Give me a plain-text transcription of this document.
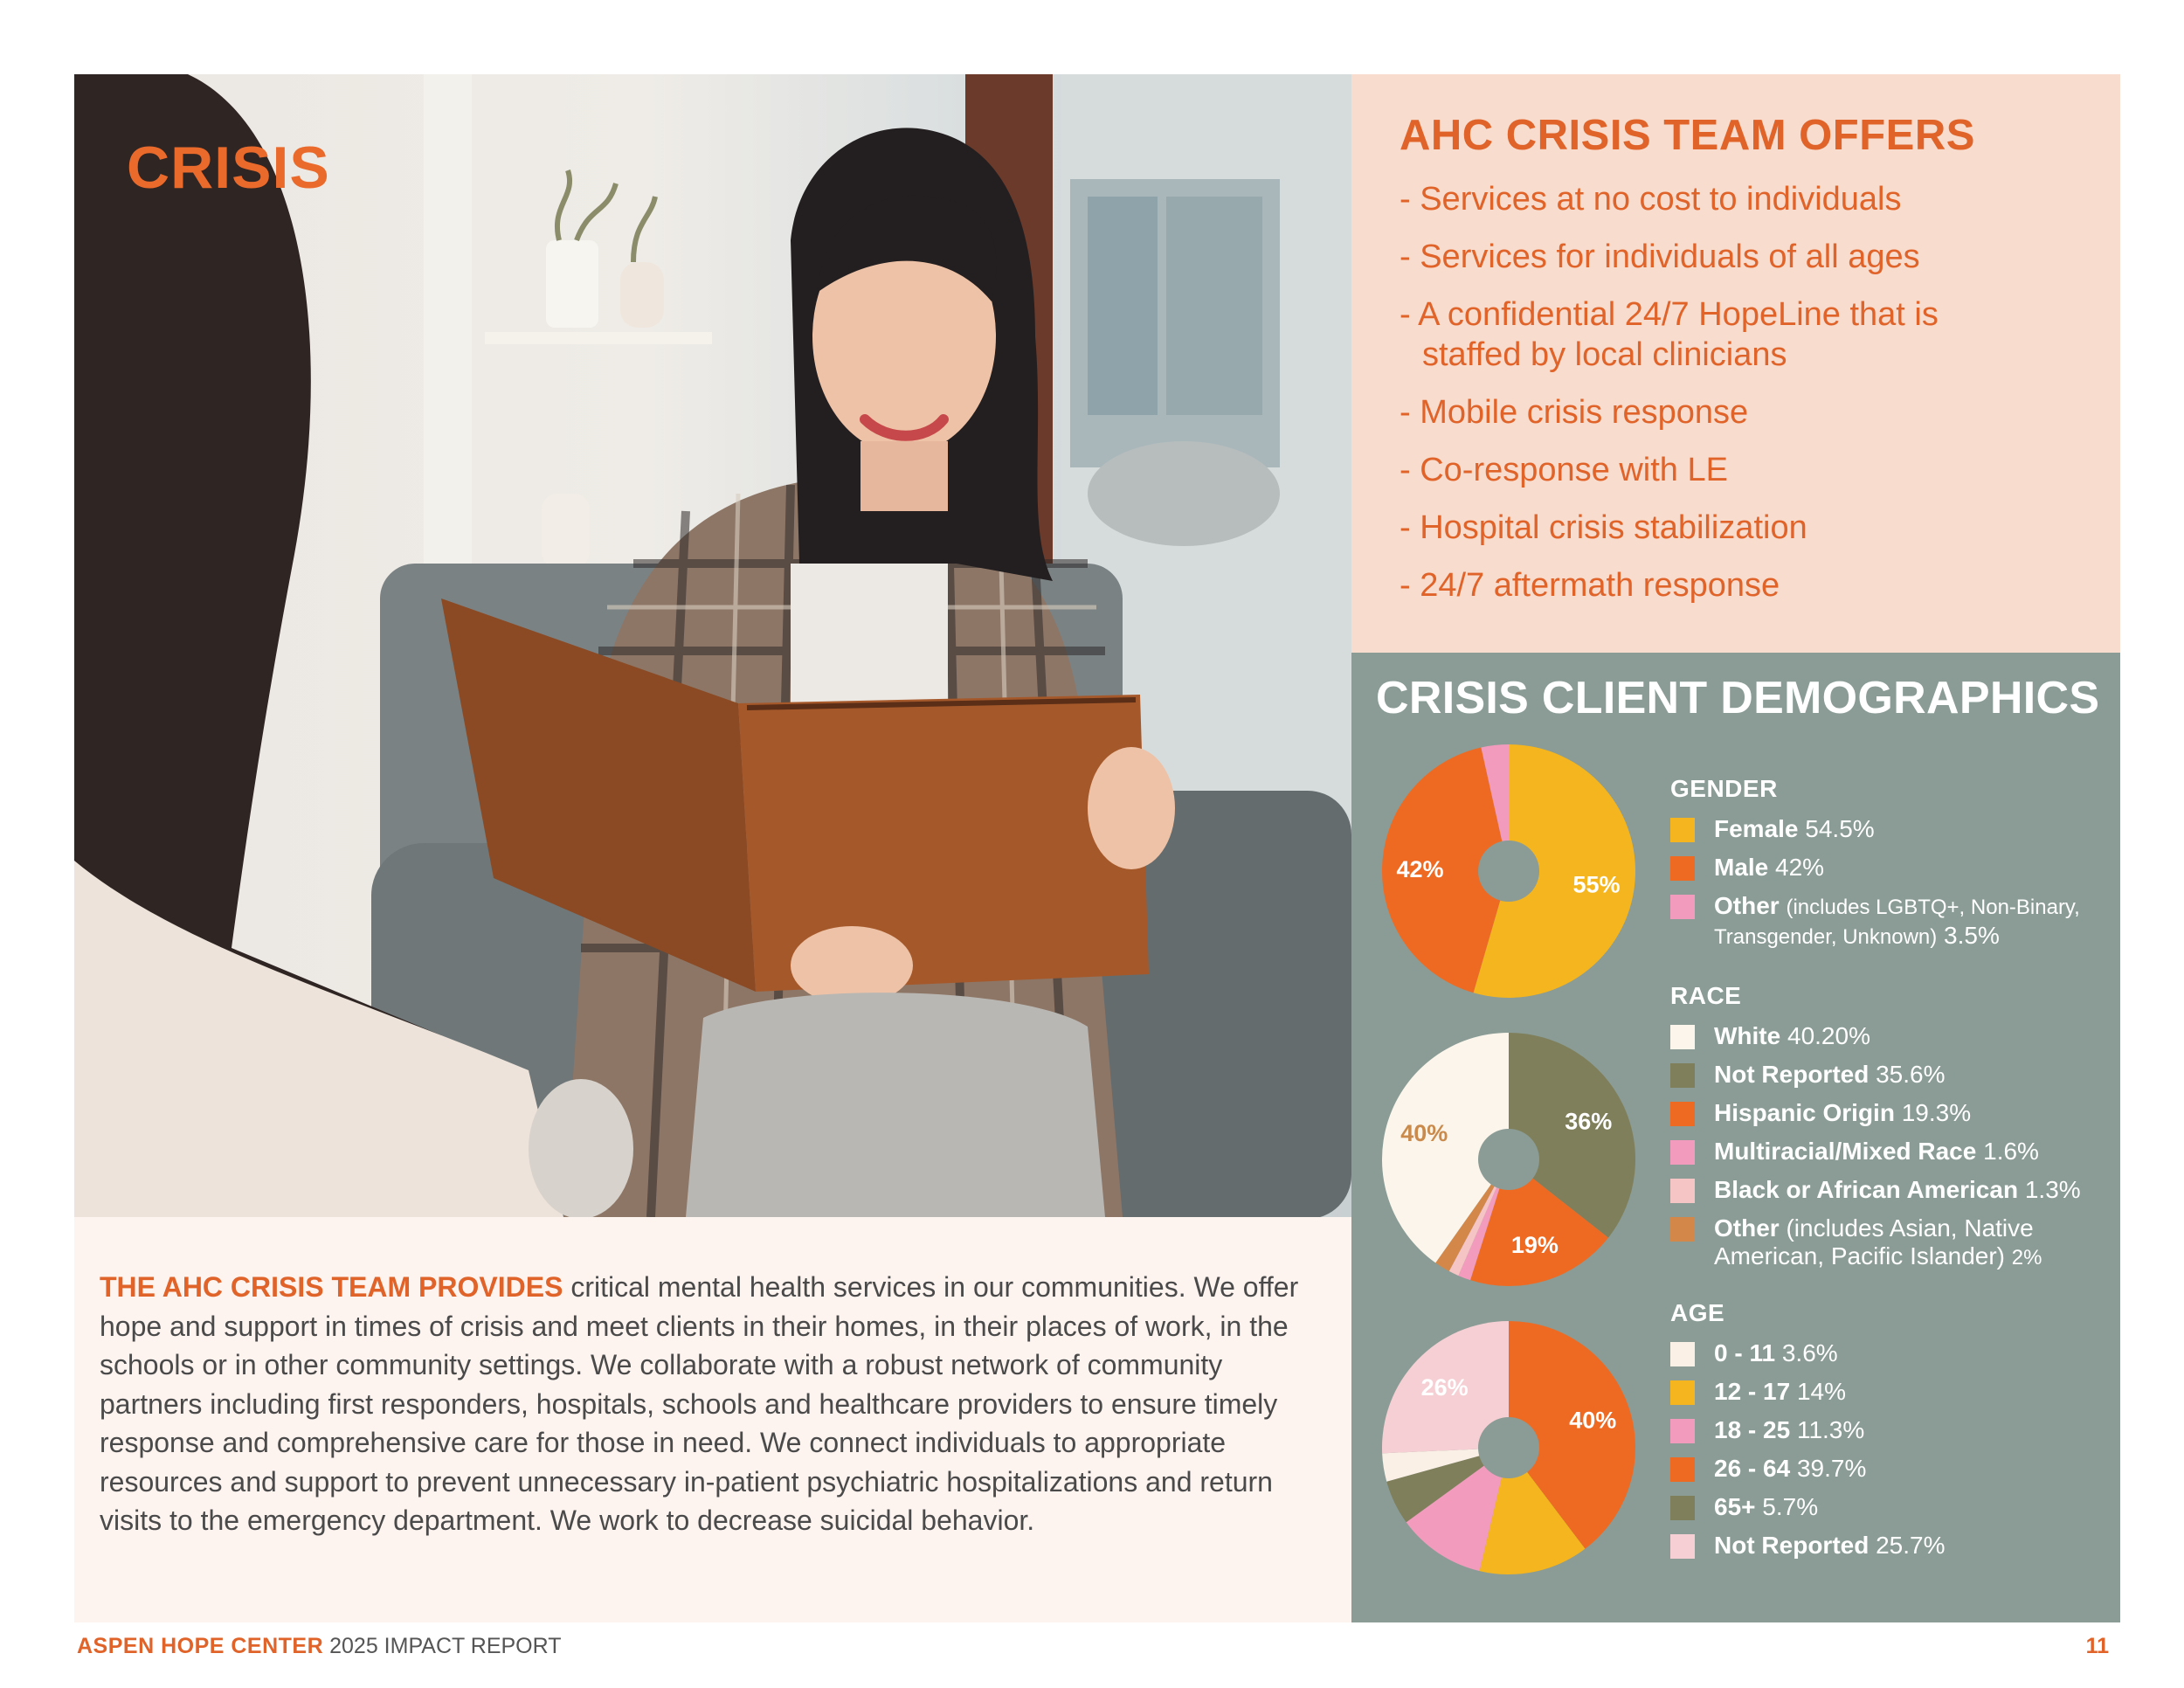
CRISIS	AHC CRISIS TEAM OFFERS
- Services at no cost to individuals
- Services for individuals of all ages
- A confidential 24/7 HopeLine that is staffed by local clinicians
- Mobile crisis response
- Co-response with LE
- Hospital crisis stabilization
- 24/7 aftermath response
CRISIS CLIENT DEMOGRAPHICS
55%
42%
36%
19%
40%
40%
26%
GENDER
Female 54.5%
Male 42%
Other (includes LGBTQ+, Non-Binary, Transgender, Unknown) 3.5%
RACE
White 40.20%
Not Reported 35.6%
Hispanic Origin 19.3%
Multiracial/Mixed Race 1.6%
Black or African American 1.3%
Other (includes Asian, Native American, Pacific Islander) 2%
AGE
0 - 11 3.6%
12 - 17 14%
18 - 25 11.3%
26 - 64 39.7%
65+ 5.7%
Not Reported 25.7%

THE AHC CRISIS TEAM PROVIDES critical mental health services in our communities. We offer hope and support in times of crisis and meet clients in their homes, in their places of work, in the schools or in other community settings. We collaborate with a robust network of community partners including first responders, hospitals, schools and healthcare providers to ensure timely response and comprehensive care for those in need. We connect individuals to appropriate resources and support to prevent unnecessary in-patient psychiatric hospitalizations and return visits to the emergency department. We work to decrease suicidal behavior.

ASPEN HOPE CENTER 2025 IMPACT REPORT	11
